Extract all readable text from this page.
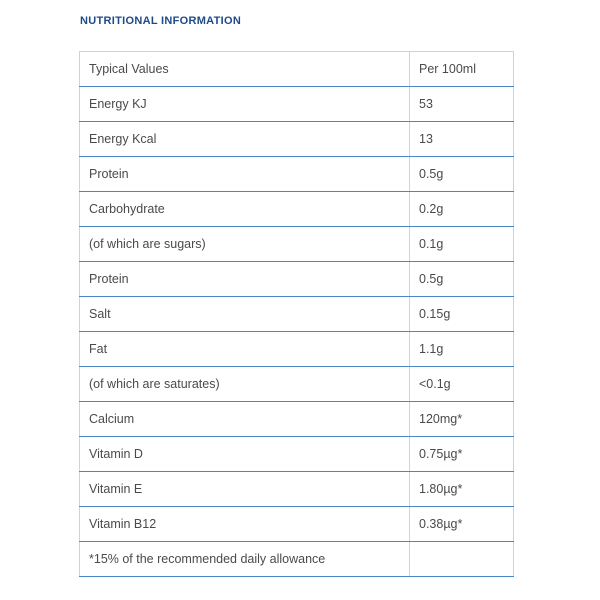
NUTRITIONAL INFORMATION
Typical Values	Per 100ml
Energy KJ	53
Energy Kcal	13
Protein	0.5g
Carbohydrate	0.2g
(of which are sugars)	0.1g
Protein	0.5g
Salt	0.15g
Fat	1.1g
(of which are saturates)	<0.1g
Calcium	120mg*
Vitamin D	0.75µg*
Vitamin E	1.80µg*
Vitamin B12	0.38µg*
*15% of the recommended daily allowance	
